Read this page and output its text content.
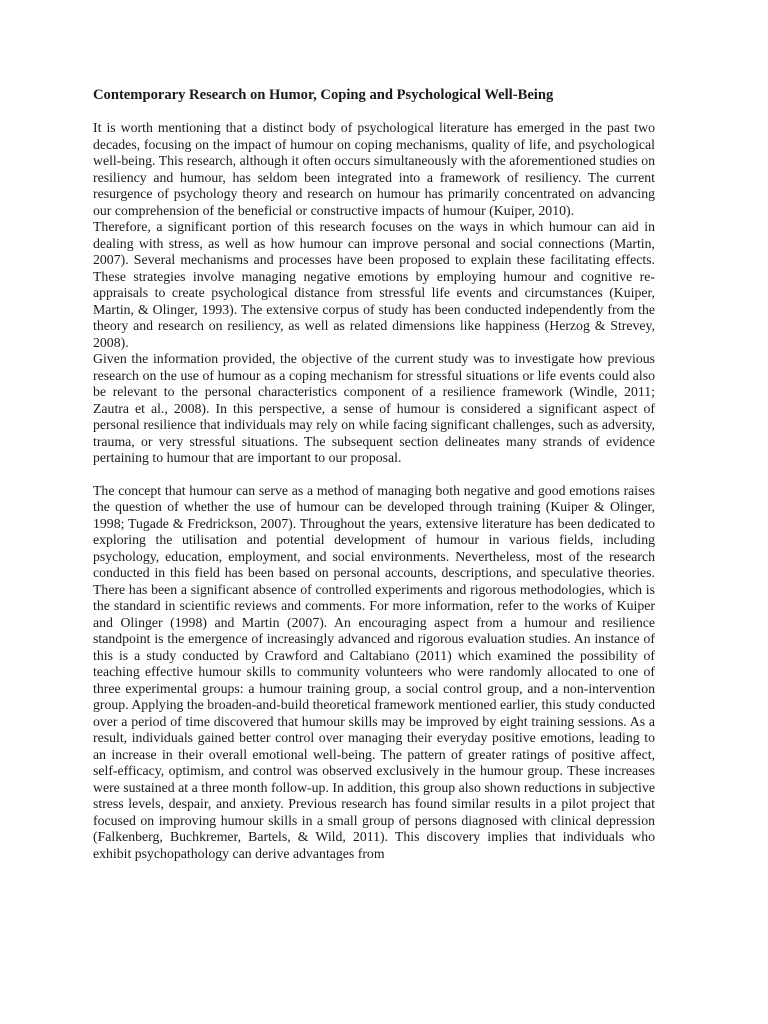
Contemporary Research on Humor, Coping and Psychological Well-Being

It is worth mentioning that a distinct body of psychological literature has emerged in the past two decades, focusing on the impact of humour on coping mechanisms, quality of life, and psychological well-being. This research, although it often occurs simultaneously with the aforementioned studies on resiliency and humour, has seldom been integrated into a framework of resiliency. The current resurgence of psychology theory and research on humour has primarily concentrated on advancing our comprehension of the beneficial or constructive impacts of humour (Kuiper, 2010).

Therefore, a significant portion of this research focuses on the ways in which humour can aid in dealing with stress, as well as how humour can improve personal and social connections (Martin, 2007). Several mechanisms and processes have been proposed to explain these facilitating effects. These strategies involve managing negative emotions by employing humour and cognitive re-appraisals to create psychological distance from stressful life events and circumstances (Kuiper, Martin, & Olinger, 1993). The extensive corpus of study has been conducted independently from the theory and research on resiliency, as well as related dimensions like happiness (Herzog & Strevey, 2008).

Given the information provided, the objective of the current study was to investigate how previous research on the use of humour as a coping mechanism for stressful situations or life events could also be relevant to the personal characteristics component of a resilience framework (Windle, 2011; Zautra et al., 2008). In this perspective, a sense of humour is considered a significant aspect of personal resilience that individuals may rely on while facing significant challenges, such as adversity, trauma, or very stressful situations. The subsequent section delineates many strands of evidence pertaining to humour that are important to our proposal.

The concept that humour can serve as a method of managing both negative and good emotions raises the question of whether the use of humour can be developed through training (Kuiper & Olinger, 1998; Tugade & Fredrickson, 2007). Throughout the years, extensive literature has been dedicated to exploring the utilisation and potential development of humour in various fields, including psychology, education, employment, and social environments. Nevertheless, most of the research conducted in this field has been based on personal accounts, descriptions, and speculative theories. There has been a significant absence of controlled experiments and rigorous methodologies, which is the standard in scientific reviews and comments. For more information, refer to the works of Kuiper and Olinger (1998) and Martin (2007). An encouraging aspect from a humour and resilience standpoint is the emergence of increasingly advanced and rigorous evaluation studies. An instance of this is a study conducted by Crawford and Caltabiano (2011) which examined the possibility of teaching effective humour skills to community volunteers who were randomly allocated to one of three experimental groups: a humour training group, a social control group, and a non-intervention group. Applying the broaden-and-build theoretical framework mentioned earlier, this study conducted over a period of time discovered that humour skills may be improved by eight training sessions. As a result, individuals gained better control over managing their everyday positive emotions, leading to an increase in their overall emotional well-being. The pattern of greater ratings of positive affect, self-efficacy, optimism, and control was observed exclusively in the humour group. These increases were sustained at a three month follow-up. In addition, this group also shown reductions in subjective stress levels, despair, and anxiety. Previous research has found similar results in a pilot project that focused on improving humour skills in a small group of persons diagnosed with clinical depression (Falkenberg, Buchkremer, Bartels, & Wild, 2011). This discovery implies that individuals who exhibit psychopathology can derive advantages from
